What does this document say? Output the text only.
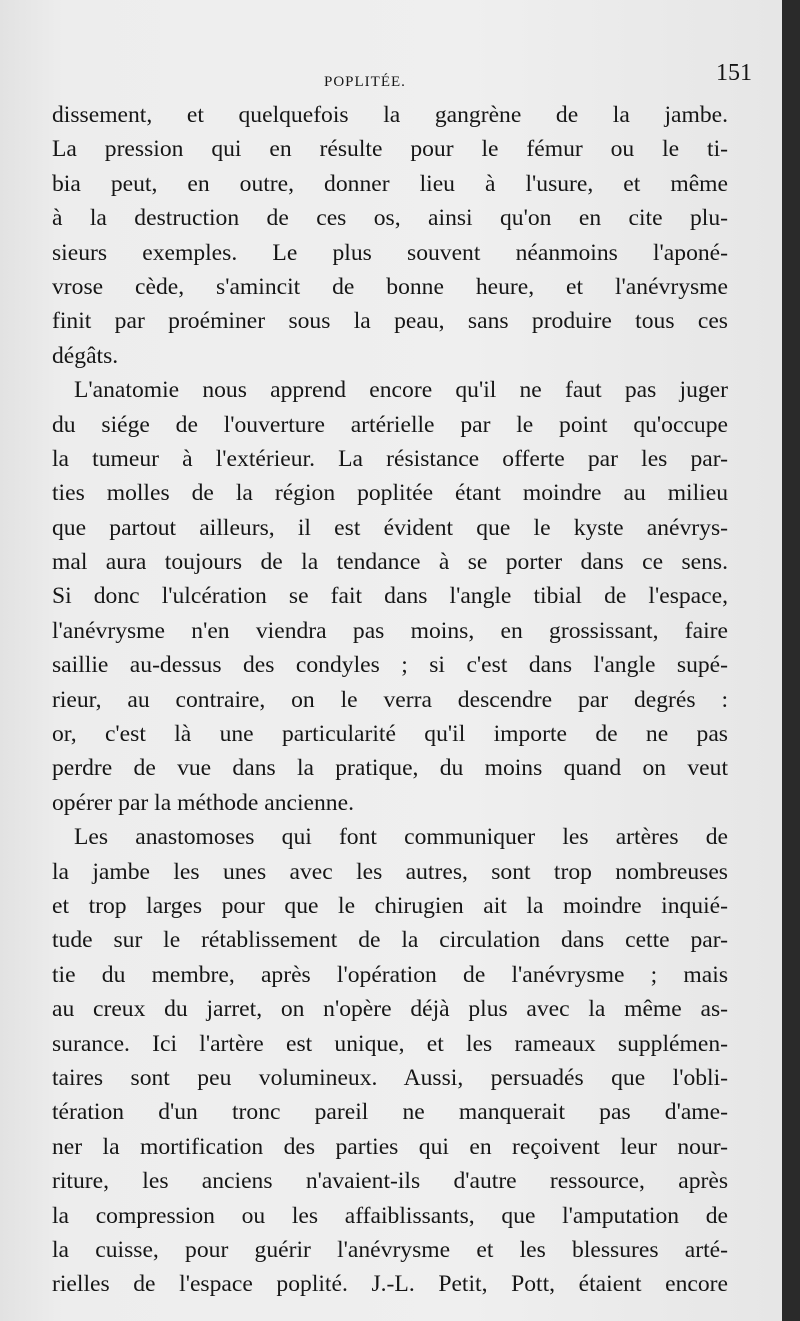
POPLITÉE.	151
dissement, et quelquefois la gangrène de la jambe.
La pression qui en résulte pour le fémur ou le ti-
bia peut, en outre, donner lieu à l'usure, et même
à la destruction de ces os, ainsi qu'on en cite plu-
sieurs exemples. Le plus souvent néanmoins l'aponé-
vrose cède, s'amincit de bonne heure, et l'anévrysme
finit par proéminer sous la peau, sans produire tous ces
dégâts.
L'anatomie nous apprend encore qu'il ne faut pas juger
du siége de l'ouverture artérielle par le point qu'occupe
la tumeur à l'extérieur. La résistance offerte par les par-
ties molles de la région poplitée étant moindre au milieu
que partout ailleurs, il est évident que le kyste anévrys-
mal aura toujours de la tendance à se porter dans ce sens.
Si donc l'ulcération se fait dans l'angle tibial de l'espace,
l'anévrysme n'en viendra pas moins, en grossissant, faire
saillie au-dessus des condyles ; si c'est dans l'angle supé-
rieur, au contraire, on le verra descendre par degrés :
or, c'est là une particularité qu'il importe de ne pas
perdre de vue dans la pratique, du moins quand on veut
opérer par la méthode ancienne.
Les anastomoses qui font communiquer les artères de
la jambe les unes avec les autres, sont trop nombreuses
et trop larges pour que le chirugien ait la moindre inquié-
tude sur le rétablissement de la circulation dans cette par-
tie du membre, après l'opération de l'anévrysme ; mais
au creux du jarret, on n'opère déjà plus avec la même as-
surance. Ici l'artère est unique, et les rameaux supplémen-
taires sont peu volumineux. Aussi, persuadés que l'obli-
tération d'un tronc pareil ne manquerait pas d'ame-
ner la mortification des parties qui en reçoivent leur nour-
riture, les anciens n'avaient-ils d'autre ressource, après
la compression ou les affaiblissants, que l'amputation de
la cuisse, pour guérir l'anévrysme et les blessures arté-
rielles de l'espace poplité. J.-L. Petit, Pott, étaient encore
